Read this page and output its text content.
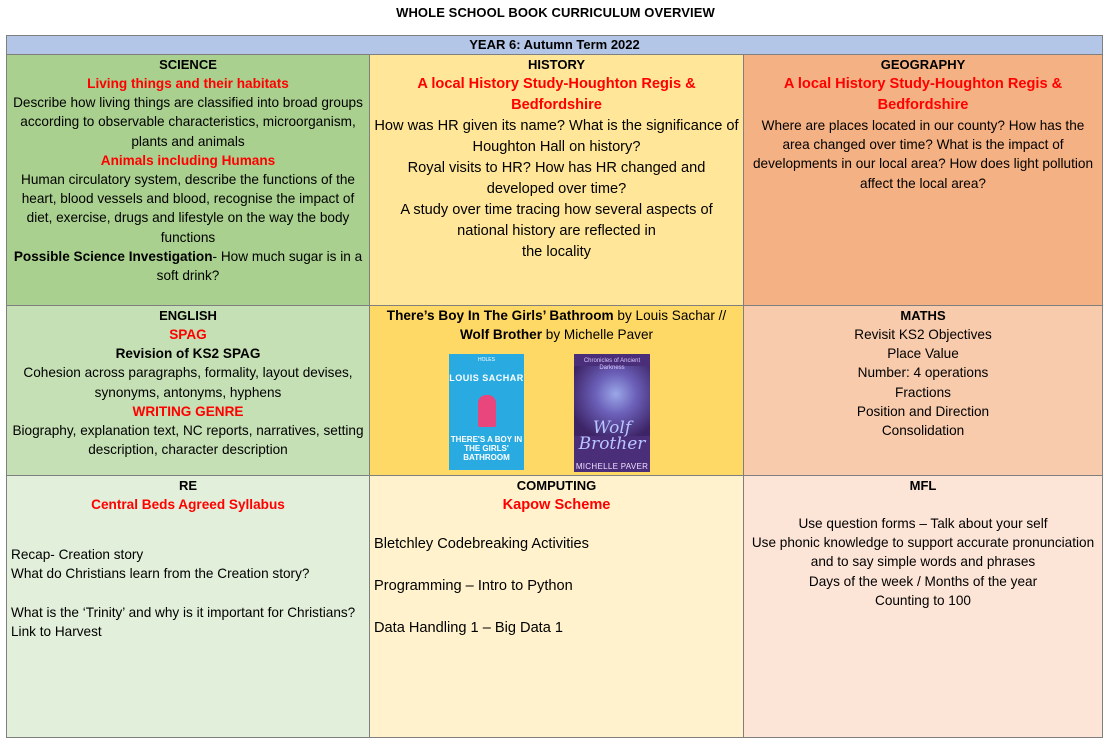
WHOLE SCHOOL BOOK CURRICULUM OVERVIEW
YEAR 6: Autumn Term 2022
SCIENCE
Living things and their habitats
Describe how living things are classified into broad groups according to observable characteristics, microorganism, plants and animals
Animals including Humans
Human circulatory system, describe the functions of the heart, blood vessels and blood, recognise the impact of diet, exercise, drugs and lifestyle on the way the body functions
Possible Science Investigation- How much sugar is in a soft drink?
HISTORY
A local History Study-Houghton Regis & Bedfordshire
How was HR given its name? What is the significance of Houghton Hall on history?
Royal visits to HR? How has HR changed and developed over time?
A study over time tracing how several aspects of national history are reflected in
the locality
GEOGRAPHY
A local History Study-Houghton Regis & Bedfordshire
Where are places located in our county? How has the area changed over time? What is the impact of developments in our local area? How does light pollution affect the local area?
ENGLISH
SPAG
Revision of KS2 SPAG
Cohesion across paragraphs, formality, layout devises, synonyms, antonyms, hyphens
WRITING GENRE
Biography, explanation text, NC reports, narratives, setting description, character description
There’s Boy In The Girls’ Bathroom by Louis Sachar //
Wolf Brother by Michelle Paver
HOLES
LOUIS SACHAR
THERE'S A BOY IN THE GIRLS' BATHROOM
Chronicles of Ancient Darkness
Wolf Brother
MICHELLE PAVER
MATHS
Revisit KS2 Objectives
Place Value
Number: 4 operations
Fractions
Position and Direction
Consolidation
RE
Central Beds Agreed Syllabus
Recap- Creation story
What do Christians learn from the Creation story?
What is the ‘Trinity’ and why is it important for Christians? Link to Harvest
COMPUTING
Kapow Scheme
Bletchley Codebreaking Activities
Programming – Intro to Python
Data Handling 1 – Big Data 1
MFL
Use question forms – Talk about your self
Use phonic knowledge to support accurate pronunciation and to say simple words and phrases
Days of the week / Months of the year
Counting to 100
